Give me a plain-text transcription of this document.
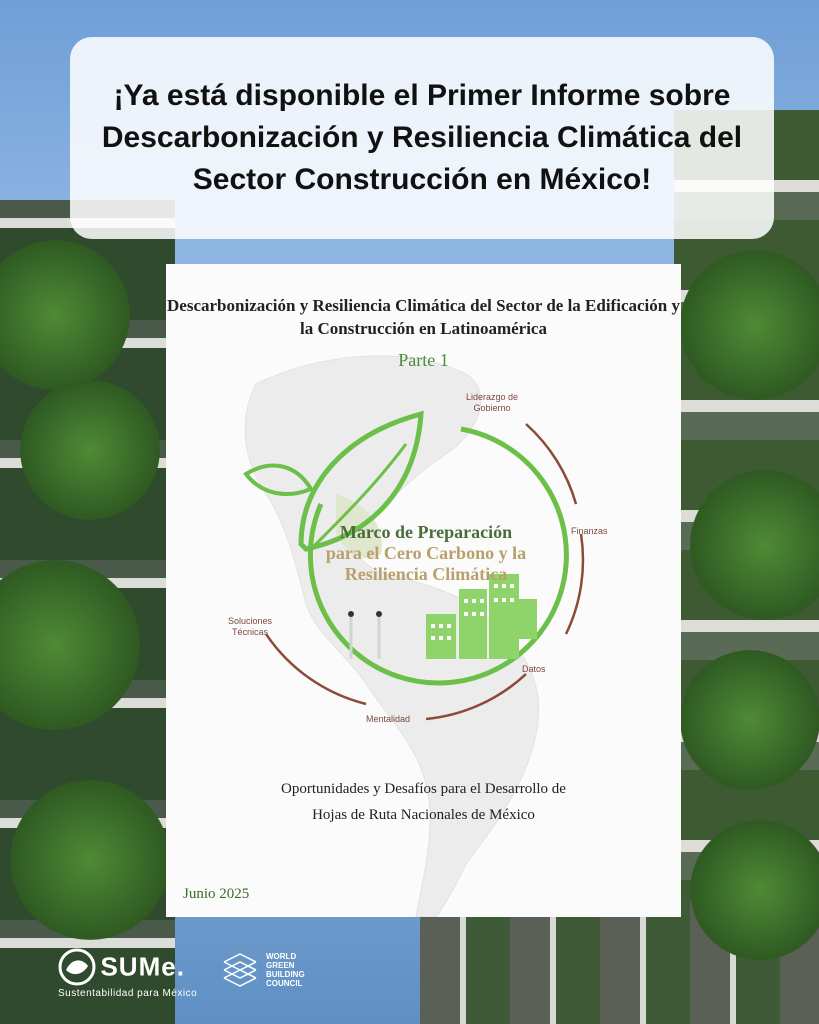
¡Ya está disponible el Primer Informe sobre Descarbonización y Resiliencia Climática del Sector Construcción en México!
Descarbonización y Resiliencia Climática del Sector de la Edificación y la Construcción en Latinoamérica
Parte 1
Liderazgo de
Gobierno
Finanzas
Datos
Mentalidad
Soluciones
Técnicas
Marco de Preparación
para el Cero Carbono y la Resiliencia Climática
Oportunidades y Desafíos para el Desarrollo de
Hojas de Ruta Nacionales de México
Junio 2025
SUMe.
Sustentabilidad para México
WORLD
GREEN
BUILDING
COUNCIL
